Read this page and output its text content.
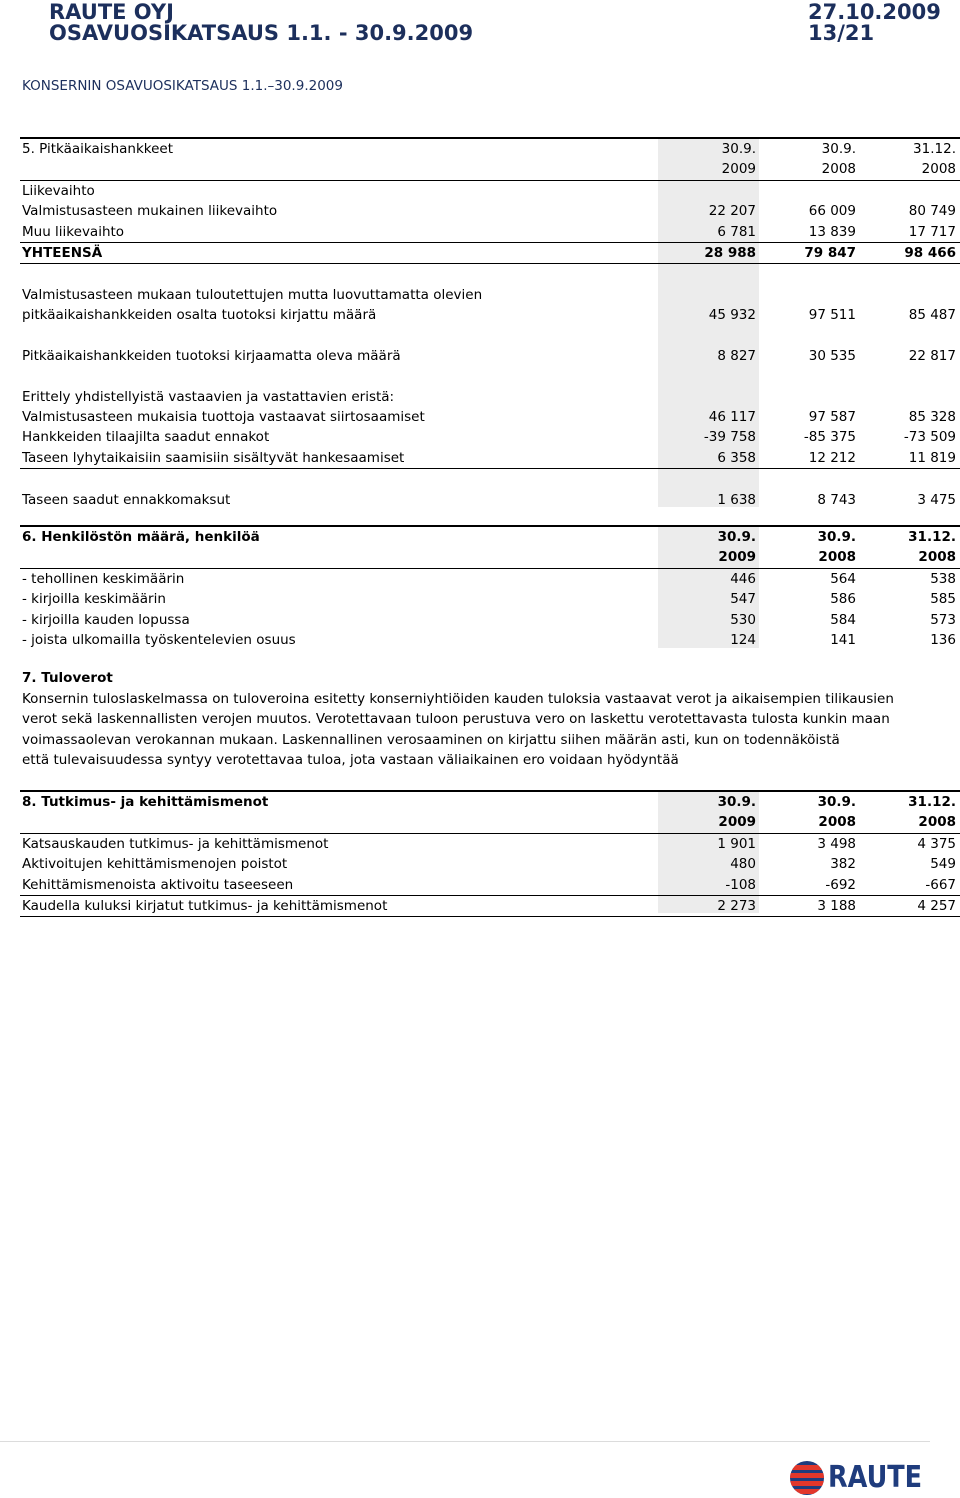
RAUTE OYJ	27.10.2009
OSAVUOSIKATSAUS 1.1. - 30.9.2009	13/21
KONSERNIN OSAVUOSIKATSAUS 1.1.–30.9.2009
5. Pitkäaikaishankkeet	30.9.	30.9.	31.12.
2009	2008	2008
Liikevaihto
Valmistusasteen mukainen liikevaihto	22 207	66 009	80 749
Muu liikevaihto	6 781	13 839	17 717
YHTEENSÄ	28 988	79 847	98 466
Valmistusasteen mukaan tuloutettujen mutta luovuttamatta olevien
pitkäaikaishankkeiden osalta tuotoksi kirjattu määrä	45 932	97 511	85 487
Pitkäaikaishankkeiden tuotoksi kirjaamatta oleva määrä	8 827	30 535	22 817
Erittely yhdistellyistä vastaavien ja vastattavien eristä:
Valmistusasteen mukaisia tuottoja vastaavat siirtosaamiset	46 117	97 587	85 328
Hankkeiden tilaajilta saadut ennakot	-39 758	-85 375	-73 509
Taseen lyhytaikaisiin saamisiin sisältyvät hankesaamiset	6 358	12 212	11 819
Taseen saadut ennakkomaksut	1 638	8 743	3 475
6. Henkilöstön määrä, henkilöä	30.9.	30.9.	31.12.
2009	2008	2008
- tehollinen keskimäärin	446	564	538
- kirjoilla keskimäärin	547	586	585
- kirjoilla kauden lopussa	530	584	573
- joista ulkomailla työskentelevien osuus	124	141	136
7. Tuloverot
Konsernin tuloslaskelmassa on tuloveroina esitetty konserniyhtiöiden kauden tuloksia vastaavat verot ja aikaisempien tilikausien
verot sekä laskennallisten verojen muutos. Verotettavaan tuloon perustuva vero on laskettu verotettavasta tulosta kunkin maan
voimassaolevan verokannan mukaan. Laskennallinen verosaaminen on kirjattu siihen määrän asti, kun on todennäköistä
että tulevaisuudessa syntyy verotettavaa tuloa, jota vastaan väliaikainen ero voidaan hyödyntää
8. Tutkimus- ja kehittämismenot	30.9.	30.9.	31.12.
2009	2008	2008
Katsauskauden tutkimus- ja kehittämismenot	1 901	3 498	4 375
Aktivoitujen kehittämismenojen poistot	480	382	549
Kehittämismenoista aktivoitu taseeseen	-108	-692	-667
Kaudella kuluksi kirjatut tutkimus- ja kehittämismenot	2 273	3 188	4 257
RAUTE
